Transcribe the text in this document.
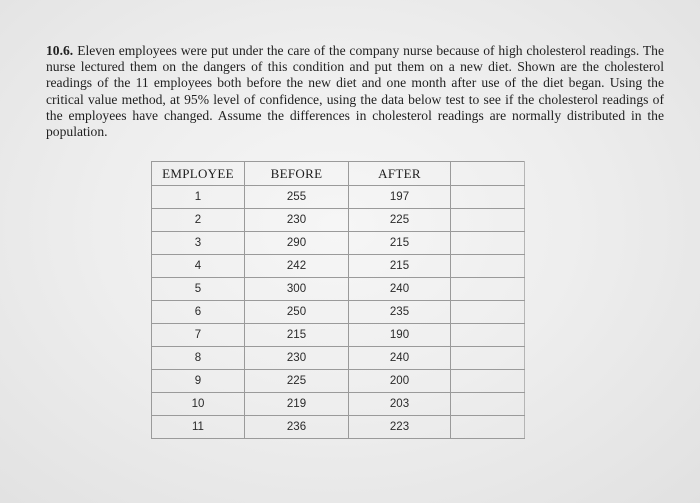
10.6. Eleven employees were put under the care of the company nurse because of high cholesterol readings. The nurse lectured them on the dangers of this condition and put them on a new diet. Shown are the cholesterol readings of the 11 employees both before the new diet and one month after use of the diet began. Using the critical value method, at 95% level of confidence, using the data below test to see if the cholesterol readings of the employees have changed. Assume the differences in cholesterol readings are normally distributed in the population.
EMPLOYEE	BEFORE	AFTER	
1	255	197	
2	230	225	
3	290	215	
4	242	215	
5	300	240	
6	250	235	
7	215	190	
8	230	240	
9	225	200	
10	219	203	
11	236	223	
